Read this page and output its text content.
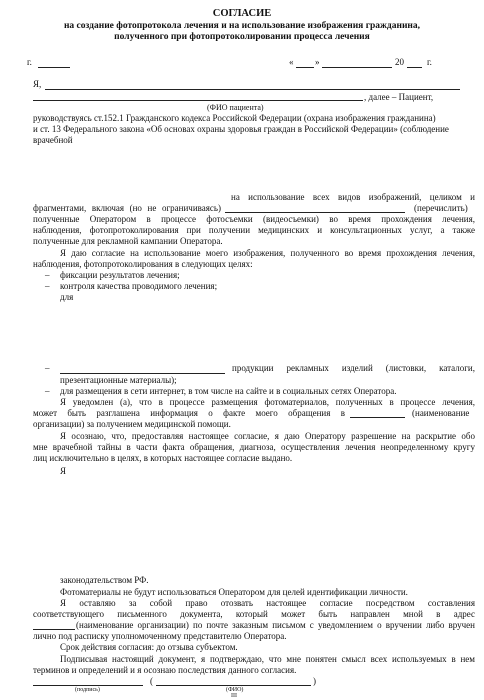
СОГЛАСИЕ
на создание фотопротокола лечения и на использование изображения гражданина,
полученного при фотопротоколировании процесса лечения
г.	« »	20	г.
Я,
, далее – Пациент,
(ФИО пациента)
руководствуясь ст.152.1 Гражданского кодекса Российской Федерации (охрана изображения гражданина)
и ст. 13 Федерального закона «Об основах охраны здоровья граждан в Российской Федерации» (соблюдение
врачебной
на использование всех видов изображений, целиком и
фрагментами, включая (но не ограничиваясь)	(перечислить)
полученные Оператором в процессе фотосъемки (видеосъемки) во время прохождения лечения,
наблюдения, фотопротоколирования при получении медицинских и консультационных услуг, а также
полученные для рекламной кампании Оператора.
Я даю согласие на использование моего изображения, полученного во время прохождения лечения,
наблюдения, фотопротоколирования в следующих целях:
– фиксации результатов лечения;
– контроля качества проводимого лечения;
для
–	продукции рекламных изделий (листовки, каталоги,
презентационные материалы);
– для размещения в сети интернет, в том числе на сайте и в социальных сетях Оператора.
Я уведомлен (а), что в процессе размещения фотоматериалов, полученных в процессе лечения,
может быть разглашена информация о факте моего обращения в	(наименование
организации) за получением медицинской помощи.
Я осознаю, что, предоставляя настоящее согласие, я даю Оператору разрешение на раскрытие обо
мне врачебной тайны в части факта обращения, диагноза, осуществления лечения неопределенному кругу
лиц исключительно в целях, в которых настоящее согласие выдано.
Я
законодательством РФ.
Фотоматериалы не будут использоваться Оператором для целей идентификации личности.
Я оставляю за собой право отозвать настоящее согласие посредством составления
соответствующего письменного документа, который может быть направлен мной в адрес
(наименование организации) по почте заказным письмом с уведомлением о вручении либо вручен
лично под расписку уполномоченному представителю Оператора.
Срок действия согласия: до отзыва субъектом.
Подписывая настоящий документ, я подтверждаю, что мне понятен смысл всех используемых в нем
терминов и определений и я осознаю последствия данного согласия.
(	)
(подпись)	(ФИО)
III
